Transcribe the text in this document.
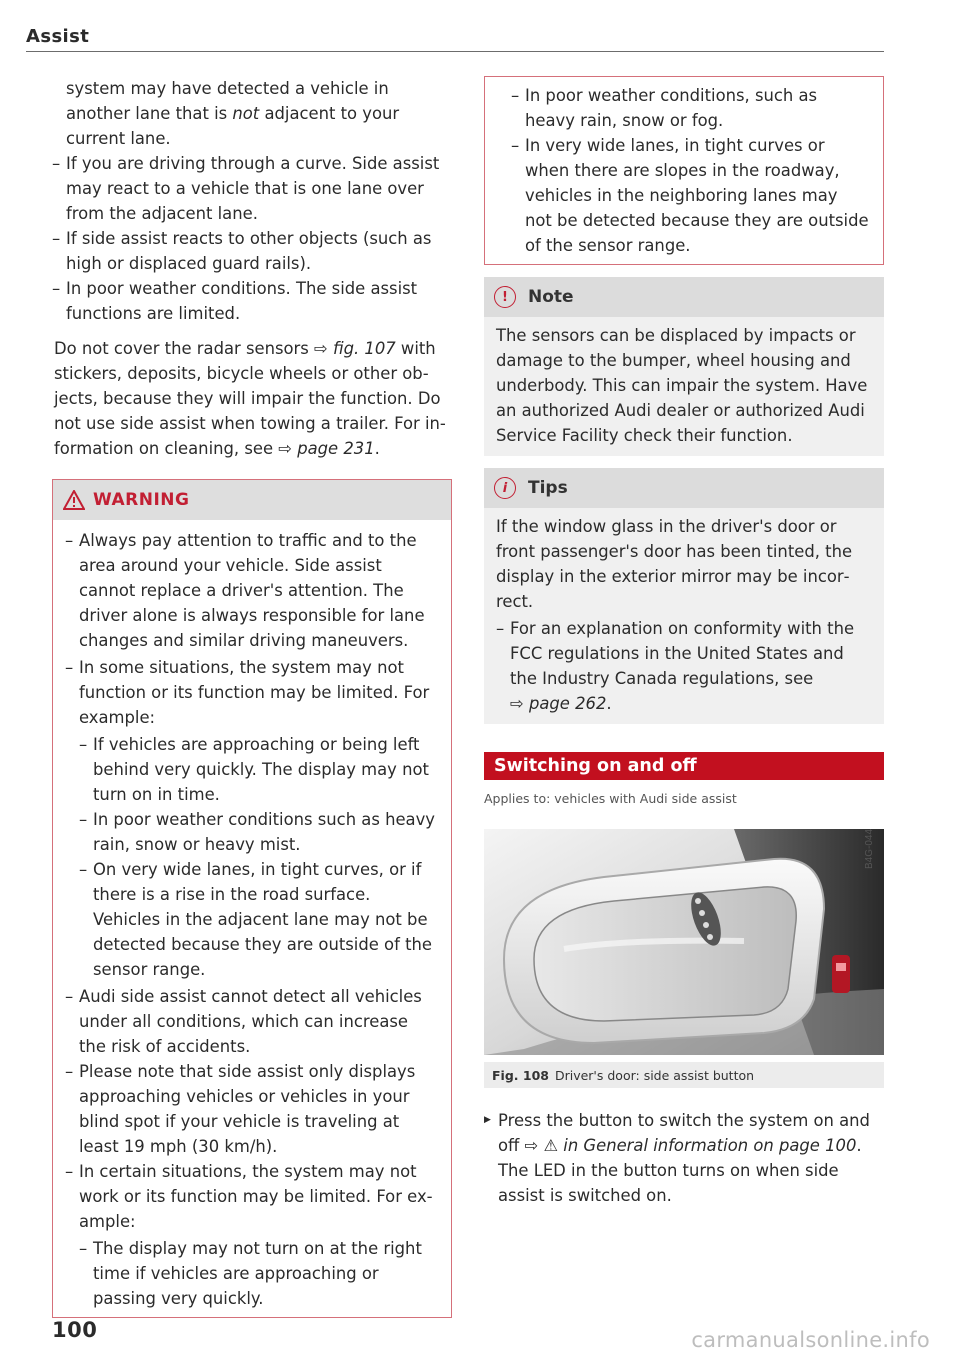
Assist

system may have detected a vehicle in another lane that is not adjacent to your current lane.

– If you are driving through a curve. Side assist may react to a vehicle that is one lane over from the adjacent lane.

– If side assist reacts to other objects (such as high or displaced guard rails).

– In poor weather conditions. The side assist functions are limited.

Do not cover the radar sensors ⇨ fig. 107 with stickers, deposits, bicycle wheels or other objects, because they will impair the function. Do not use side assist when towing a trailer. For information on cleaning, see ⇨ page 231.

WARNING

– Always pay attention to traffic and to the area around your vehicle. Side assist cannot replace a driver's attention. The driver alone is always responsible for lane changes and similar driving maneuvers.

– In some situations, the system may not function or its function may be limited. For example:

– If vehicles are approaching or being left behind very quickly. The display may not turn on in time.

– In poor weather conditions such as heavy rain, snow or heavy mist.

– On very wide lanes, in tight curves, or if there is a rise in the road surface. Vehicles in the adjacent lane may not be detected because they are outside of the sensor range.

– Audi side assist cannot detect all vehicles under all conditions, which can increase the risk of accidents.

– Please note that side assist only displays approaching vehicles or vehicles in your blind spot if your vehicle is traveling at least 19 mph (30 km/h).

– In certain situations, the system may not work or its function may be limited. For example:

– The display may not turn on at the right time if vehicles are approaching or passing very quickly.

– In poor weather conditions, such as heavy rain, snow or fog.

– In very wide lanes, in tight curves or when there are slopes in the roadway, vehicles in the neighboring lanes may not be detected because they are outside of the sensor range.

!	Note
The sensors can be displaced by impacts or damage to the bumper, wheel housing and underbody. This can impair the system. Have an authorized Audi dealer or authorized Audi Service Facility check their function.
i	Tips

If the window glass in the driver's door or front passenger's door has been tinted, the display in the exterior mirror may be incorrect.

– For an explanation on conformity with the FCC regulations in the United States and the Industry Canada regulations, see
⇨ page 262.

Switching on and off

Applies to: vehicles with Audi side assist

B4G-0448
Fig. 108 Driver's door: side assist button

▶ Press the button to switch the system on and off ⇨ ⚠ in General information on page 100. The LED in the button turns on when side assist is switched on.

100	carmanualsonline.info
